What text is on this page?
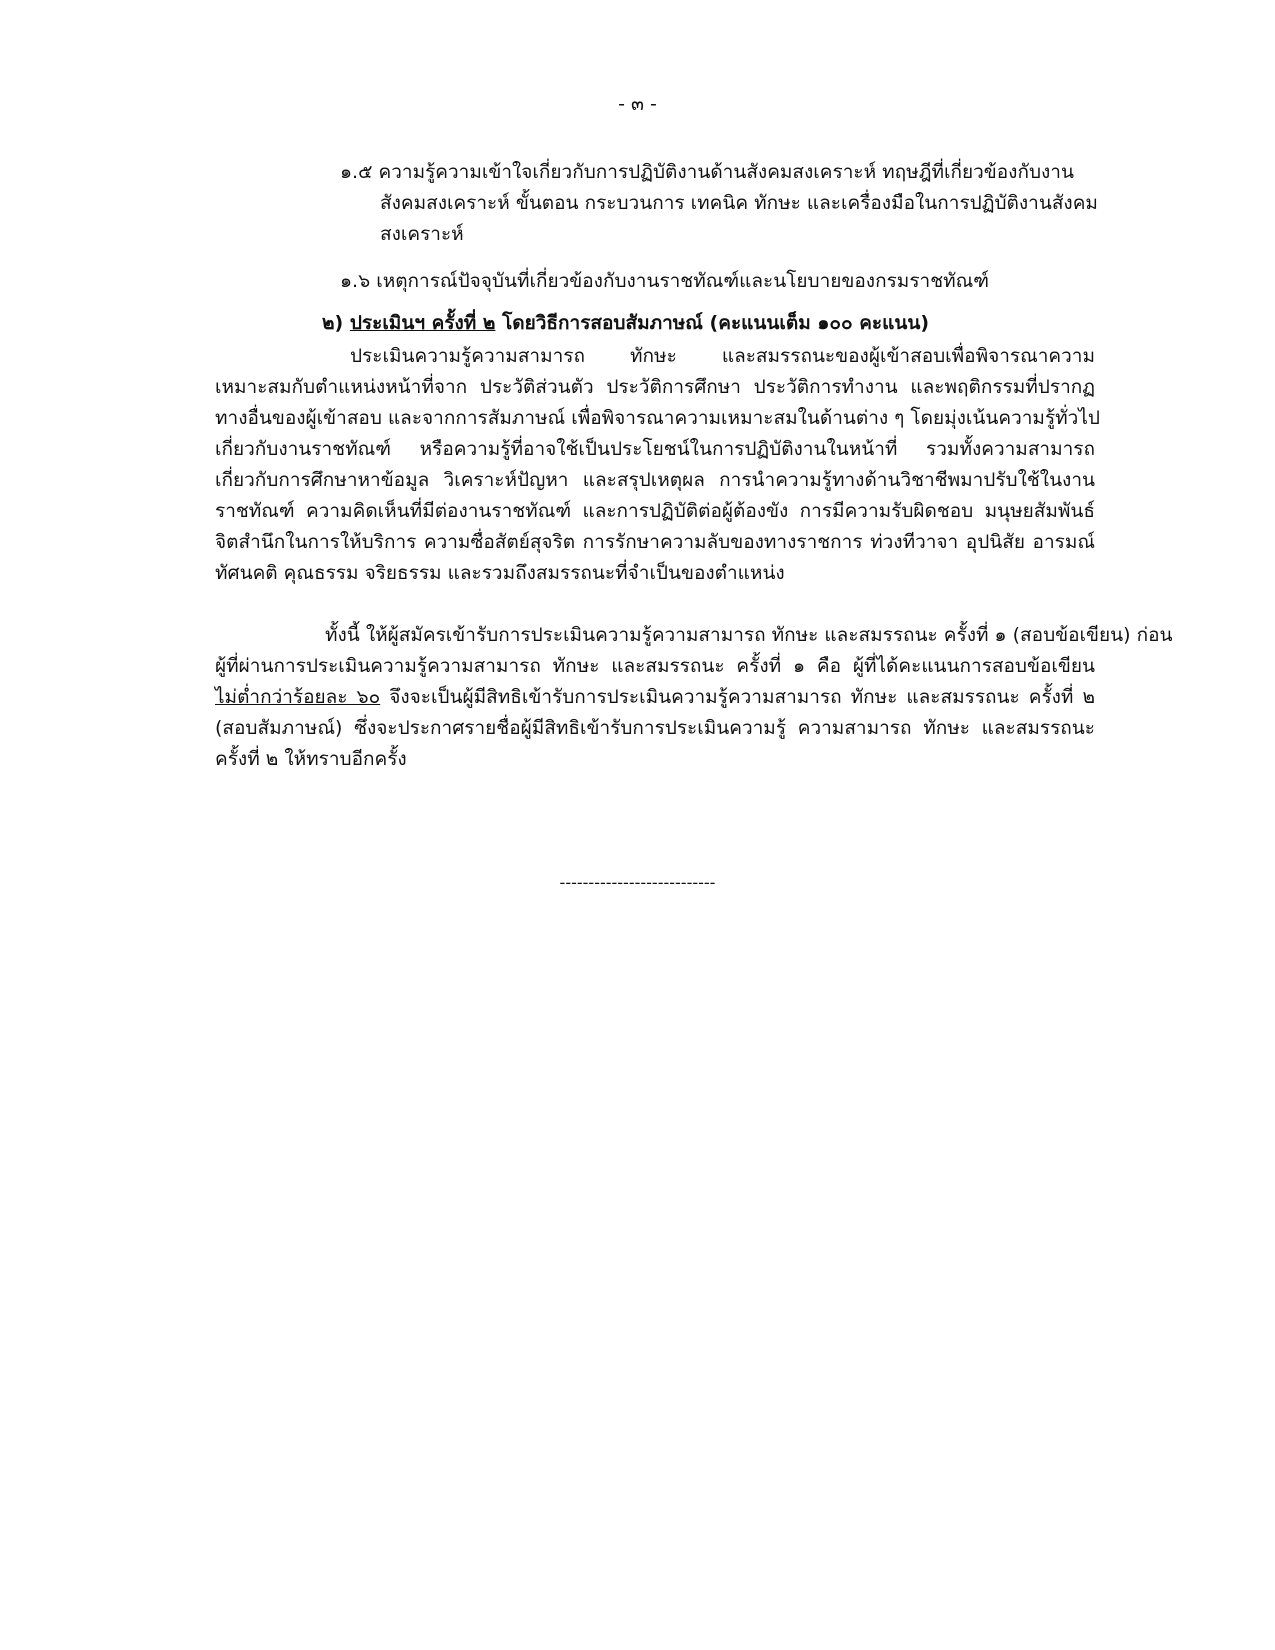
- ๓ -
๑.๕ ความรู้ความเข้าใจเกี่ยวกับการปฏิบัติงานด้านสังคมสงเคราะห์ ทฤษฎีที่เกี่ยวข้องกับงาน
สังคมสงเคราะห์ ขั้นตอน กระบวนการ เทคนิค ทักษะ และเครื่องมือในการปฏิบัติงานสังคม
สงเคราะห์
๑.๖ เหตุการณ์ปัจจุบันที่เกี่ยวข้องกับงานราชทัณฑ์และนโยบายของกรมราชทัณฑ์
๒) ประเมินฯ ครั้งที่ ๒ โดยวิธีการสอบสัมภาษณ์ (คะแนนเต็ม ๑๐๐ คะแนน)
ประเมินความรู้ความสามารถ ทักษะ และสมรรถนะของผู้เข้าสอบเพื่อพิจารณาความ
เหมาะสมกับตำแหน่งหน้าที่จาก ประวัติส่วนตัว ประวัติการศึกษา ประวัติการทำงาน และพฤติกรรมที่ปรากฏ
ทางอื่นของผู้เข้าสอบ และจากการสัมภาษณ์ เพื่อพิจารณาความเหมาะสมในด้านต่าง ๆ โดยมุ่งเน้นความรู้ทั่วไป
เกี่ยวกับงานราชทัณฑ์ หรือความรู้ที่อาจใช้เป็นประโยชน์ในการปฏิบัติงานในหน้าที่ รวมทั้งความสามารถ
เกี่ยวกับการศึกษาหาข้อมูล วิเคราะห์ปัญหา และสรุปเหตุผล การนำความรู้ทางด้านวิชาชีพมาปรับใช้ในงาน
ราชทัณฑ์ ความคิดเห็นที่มีต่องานราชทัณฑ์ และการปฏิบัติต่อผู้ต้องขัง การมีความรับผิดชอบ มนุษยสัมพันธ์
จิตสำนึกในการให้บริการ ความซื่อสัตย์สุจริต การรักษาความลับของทางราชการ ท่วงทีวาจา อุปนิสัย อารมณ์
ทัศนคติ คุณธรรม จริยธรรม และรวมถึงสมรรถนะที่จำเป็นของตำแหน่ง
ทั้งนี้ ให้ผู้สมัครเข้ารับการประเมินความรู้ความสามารถ ทักษะ และสมรรถนะ ครั้งที่ ๑ (สอบข้อเขียน) ก่อน
ผู้ที่ผ่านการประเมินความรู้ความสามารถ ทักษะ และสมรรถนะ ครั้งที่ ๑ คือ ผู้ที่ได้คะแนนการสอบข้อเขียน
ไม่ต่ำกว่าร้อยละ ๖๐ จึงจะเป็นผู้มีสิทธิเข้ารับการประเมินความรู้ความสามารถ ทักษะ และสมรรถนะ ครั้งที่ ๒
(สอบสัมภาษณ์) ซึ่งจะประกาศรายชื่อผู้มีสิทธิเข้ารับการประเมินความรู้ ความสามารถ ทักษะ และสมรรถนะ
ครั้งที่ ๒ ให้ทราบอีกครั้ง
---------------------------
